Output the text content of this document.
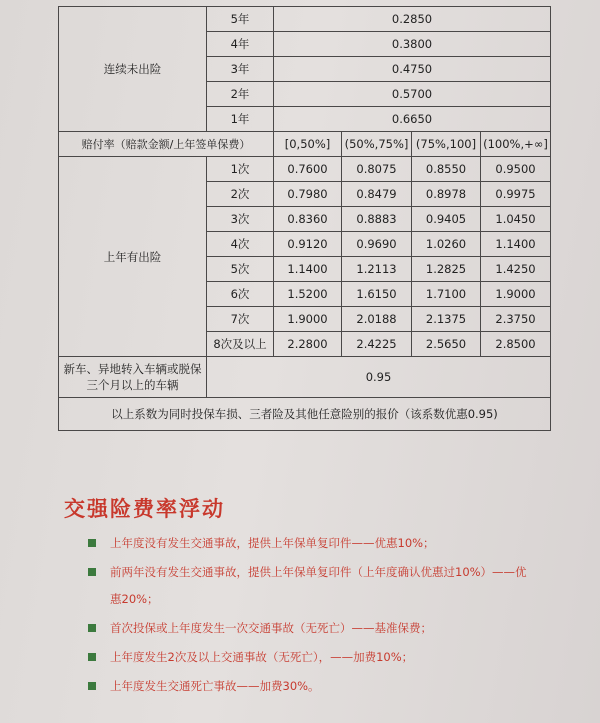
连续未出险	5年	0.2850			
	4年	0.3800			
	3年	0.4750			
	2年	0.5700			
	1年	0.6650			
赔付率（赔款金额/上年签单保费）		[0,50%]	(50%,75%]	(75%,100]	(100%,+∞]
上年有出险	1次	0.7600	0.8075	0.8550	0.9500
	2次	0.7980	0.8479	0.8978	0.9975
	3次	0.8360	0.8883	0.9405	1.0450
	4次	0.9120	0.9690	1.0260	1.1400
	5次	1.1400	1.2113	1.2825	1.4250
	6次	1.5200	1.6150	1.7100	1.9000
	7次	1.9000	2.0188	2.1375	2.3750
	8次及以上	2.2800	2.4225	2.5650	2.8500
新车、异地转入车辆或脱保三个月以上的车辆	0.95				
以上系数为同时投保车损、三者险及其他任意险别的报价（该系数优惠0.95)					
交强险费率浮动
上年度没有发生交通事故，提供上年保单复印件——优惠10%；
前两年没有发生交通事故，提供上年保单复印件（上年度确认优惠过10%）——优惠20%；
首次投保或上年度发生一次交通事故（无死亡）——基准保费；
上年度发生2次及以上交通事故（无死亡），——加费10%；
上年度发生交通死亡事故——加费30%。
